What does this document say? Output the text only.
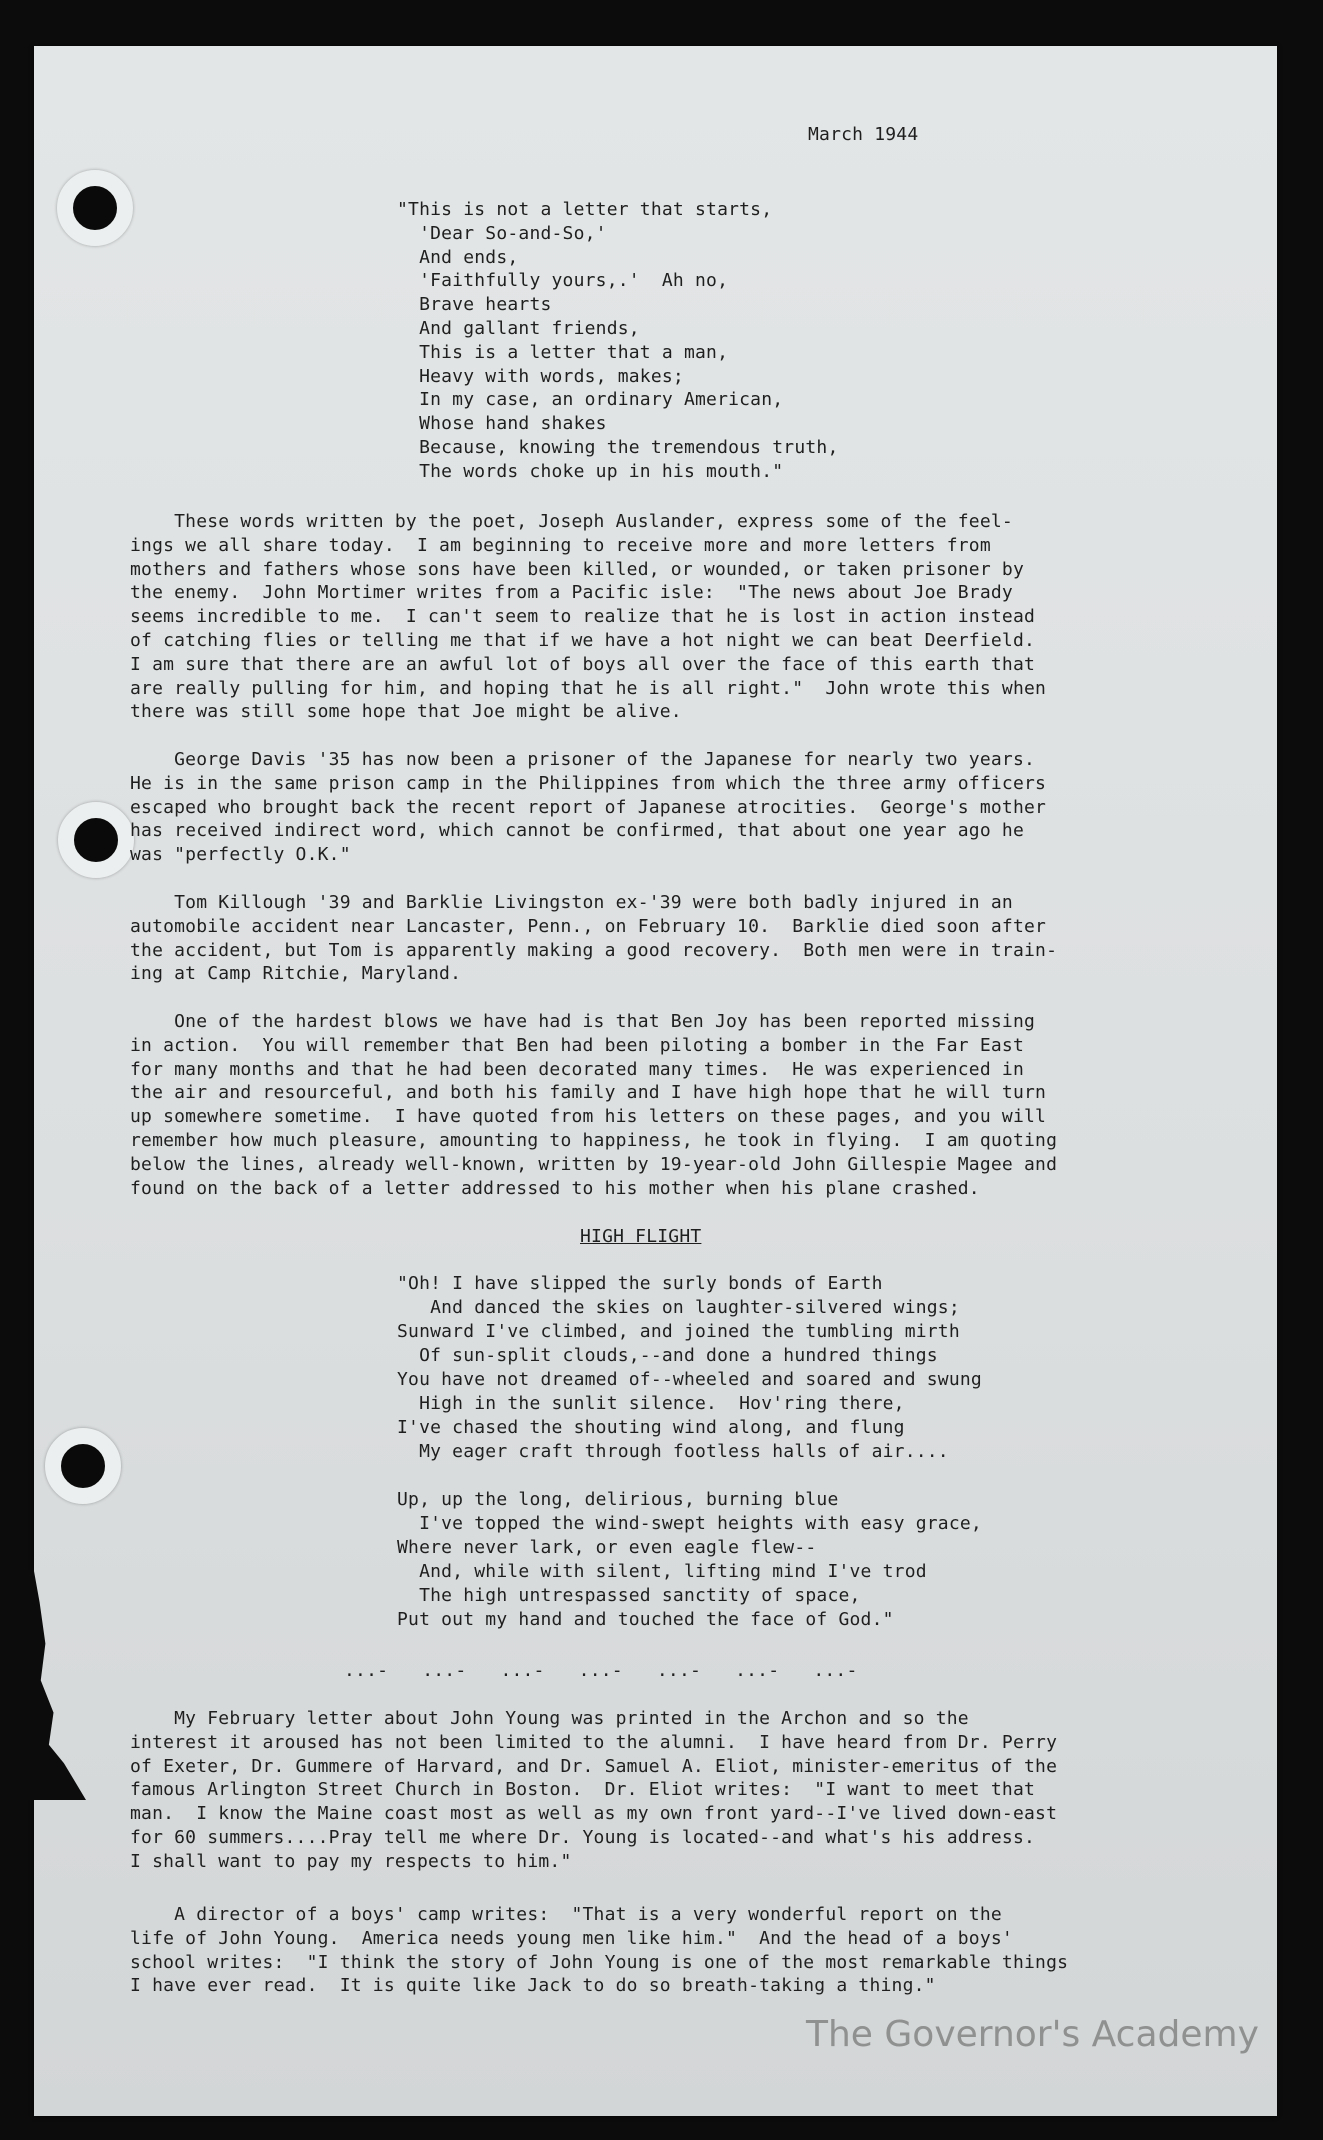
March 1944
"This is not a letter that starts,
'Dear So-and-So,'
And ends,
'Faithfully yours,.'  Ah no,
Brave hearts
And gallant friends,
This is a letter that a man,
Heavy with words, makes;
In my case, an ordinary American,
Whose hand shakes
Because, knowing the tremendous truth,
The words choke up in his mouth."
These words written by the poet, Joseph Auslander, express some of the feel-
ings we all share today.  I am beginning to receive more and more letters from
mothers and fathers whose sons have been killed, or wounded, or taken prisoner by
the enemy.  John Mortimer writes from a Pacific isle:  "The news about Joe Brady
seems incredible to me.  I can't seem to realize that he is lost in action instead
of catching flies or telling me that if we have a hot night we can beat Deerfield.
I am sure that there are an awful lot of boys all over the face of this earth that
are really pulling for him, and hoping that he is all right."  John wrote this when
there was still some hope that Joe might be alive.
George Davis '35 has now been a prisoner of the Japanese for nearly two years.
He is in the same prison camp in the Philippines from which the three army officers
escaped who brought back the recent report of Japanese atrocities.  George's mother
has received indirect word, which cannot be confirmed, that about one year ago he
was "perfectly O.K."
Tom Killough '39 and Barklie Livingston ex-'39 were both badly injured in an
automobile accident near Lancaster, Penn., on February 10.  Barklie died soon after
the accident, but Tom is apparently making a good recovery.  Both men were in train-
ing at Camp Ritchie, Maryland.
One of the hardest blows we have had is that Ben Joy has been reported missing
in action.  You will remember that Ben had been piloting a bomber in the Far East
for many months and that he had been decorated many times.  He was experienced in
the air and resourceful, and both his family and I have high hope that he will turn
up somewhere sometime.  I have quoted from his letters on these pages, and you will
remember how much pleasure, amounting to happiness, he took in flying.  I am quoting
below the lines, already well-known, written by 19-year-old John Gillespie Magee and
found on the back of a letter addressed to his mother when his plane crashed.
HIGH FLIGHT
"Oh! I have slipped the surly bonds of Earth
And danced the skies on laughter-silvered wings;
Sunward I've climbed, and joined the tumbling mirth
Of sun-split clouds,--and done a hundred things
You have not dreamed of--wheeled and soared and swung
High in the sunlit silence.  Hov'ring there,
I've chased the shouting wind along, and flung
My eager craft through footless halls of air....

Up, up the long, delirious, burning blue
I've topped the wind-swept heights with easy grace,
Where never lark, or even eagle flew--
And, while with silent, lifting mind I've trod
The high untrespassed sanctity of space,
Put out my hand and touched the face of God."
...-  ...-  ...-  ...-  ...-  ...-  ...-
My February letter about John Young was printed in the Archon and so the
interest it aroused has not been limited to the alumni.  I have heard from Dr. Perry
of Exeter, Dr. Gummere of Harvard, and Dr. Samuel A. Eliot, minister-emeritus of the
famous Arlington Street Church in Boston.  Dr. Eliot writes:  "I want to meet that
man.  I know the Maine coast most as well as my own front yard--I've lived down-east
for 60 summers....Pray tell me where Dr. Young is located--and what's his address.
I shall want to pay my respects to him."
A director of a boys' camp writes:  "That is a very wonderful report on the
life of John Young.  America needs young men like him."  And the head of a boys'
school writes:  "I think the story of John Young is one of the most remarkable things
I have ever read.  It is quite like Jack to do so breath-taking a thing."

The Governor's Academy
